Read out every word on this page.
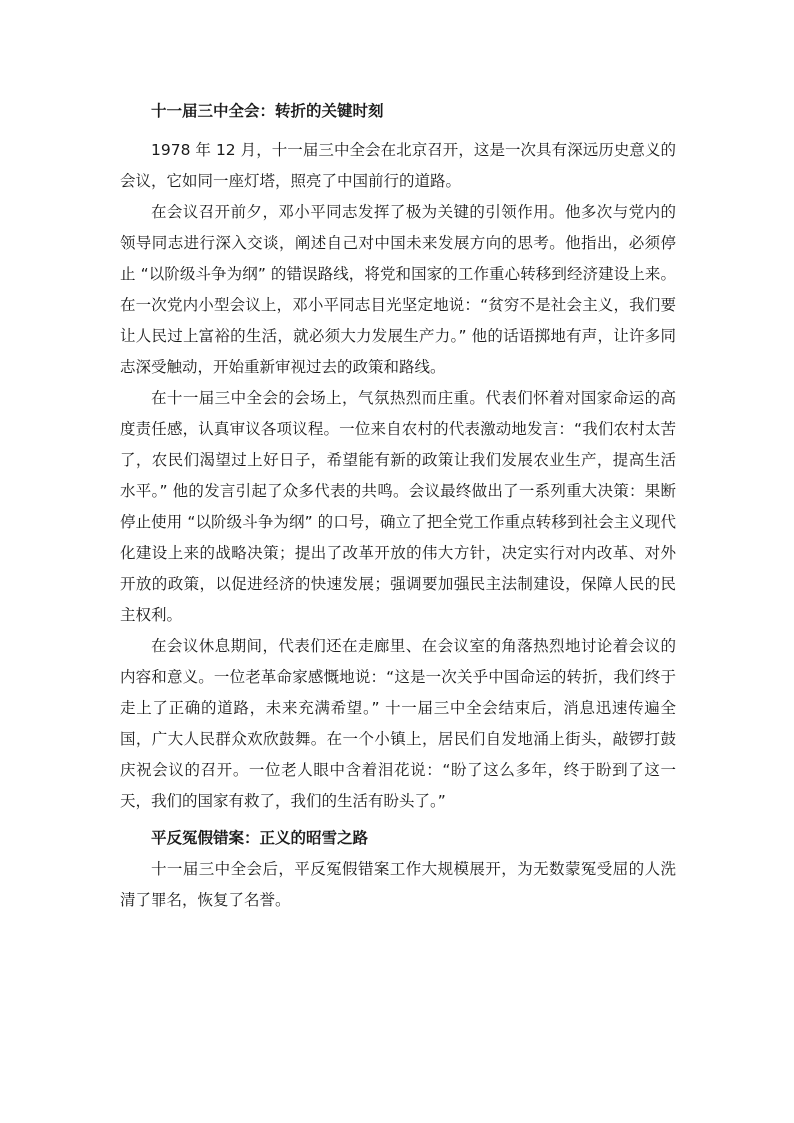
十一届三中全会：转折的关键时刻

1978 年 12 月，十一届三中全会在北京召开，这是一次具有深远历史意义的会议，它如同一座灯塔，照亮了中国前行的道路。

在会议召开前夕，邓小平同志发挥了极为关键的引领作用。他多次与党内的领导同志进行深入交谈，阐述自己对中国未来发展方向的思考。他指出，必须停止 “以阶级斗争为纲” 的错误路线，将党和国家的工作重心转移到经济建设上来。在一次党内小型会议上，邓小平同志目光坚定地说：“贫穷不是社会主义，我们要让人民过上富裕的生活，就必须大力发展生产力。” 他的话语掷地有声，让许多同志深受触动，开始重新审视过去的政策和路线。

在十一届三中全会的会场上，气氛热烈而庄重。代表们怀着对国家命运的高度责任感，认真审议各项议程。一位来自农村的代表激动地发言：“我们农村太苦了，农民们渴望过上好日子，希望能有新的政策让我们发展农业生产，提高生活水平。” 他的发言引起了众多代表的共鸣。会议最终做出了一系列重大决策：果断停止使用 “以阶级斗争为纲” 的口号，确立了把全党工作重点转移到社会主义现代化建设上来的战略决策；提出了改革开放的伟大方针，决定实行对内改革、对外开放的政策，以促进经济的快速发展；强调要加强民主法制建设，保障人民的民主权利。

在会议休息期间，代表们还在走廊里、在会议室的角落热烈地讨论着会议的内容和意义。一位老革命家感慨地说：“这是一次关乎中国命运的转折，我们终于走上了正确的道路，未来充满希望。” 十一届三中全会结束后，消息迅速传遍全国，广大人民群众欢欣鼓舞。在一个小镇上，居民们自发地涌上街头，敲锣打鼓庆祝会议的召开。一位老人眼中含着泪花说：“盼了这么多年，终于盼到了这一天，我们的国家有救了，我们的生活有盼头了。”

平反冤假错案：正义的昭雪之路

十一届三中全会后，平反冤假错案工作大规模展开，为无数蒙冤受屈的人洗清了罪名，恢复了名誉。
